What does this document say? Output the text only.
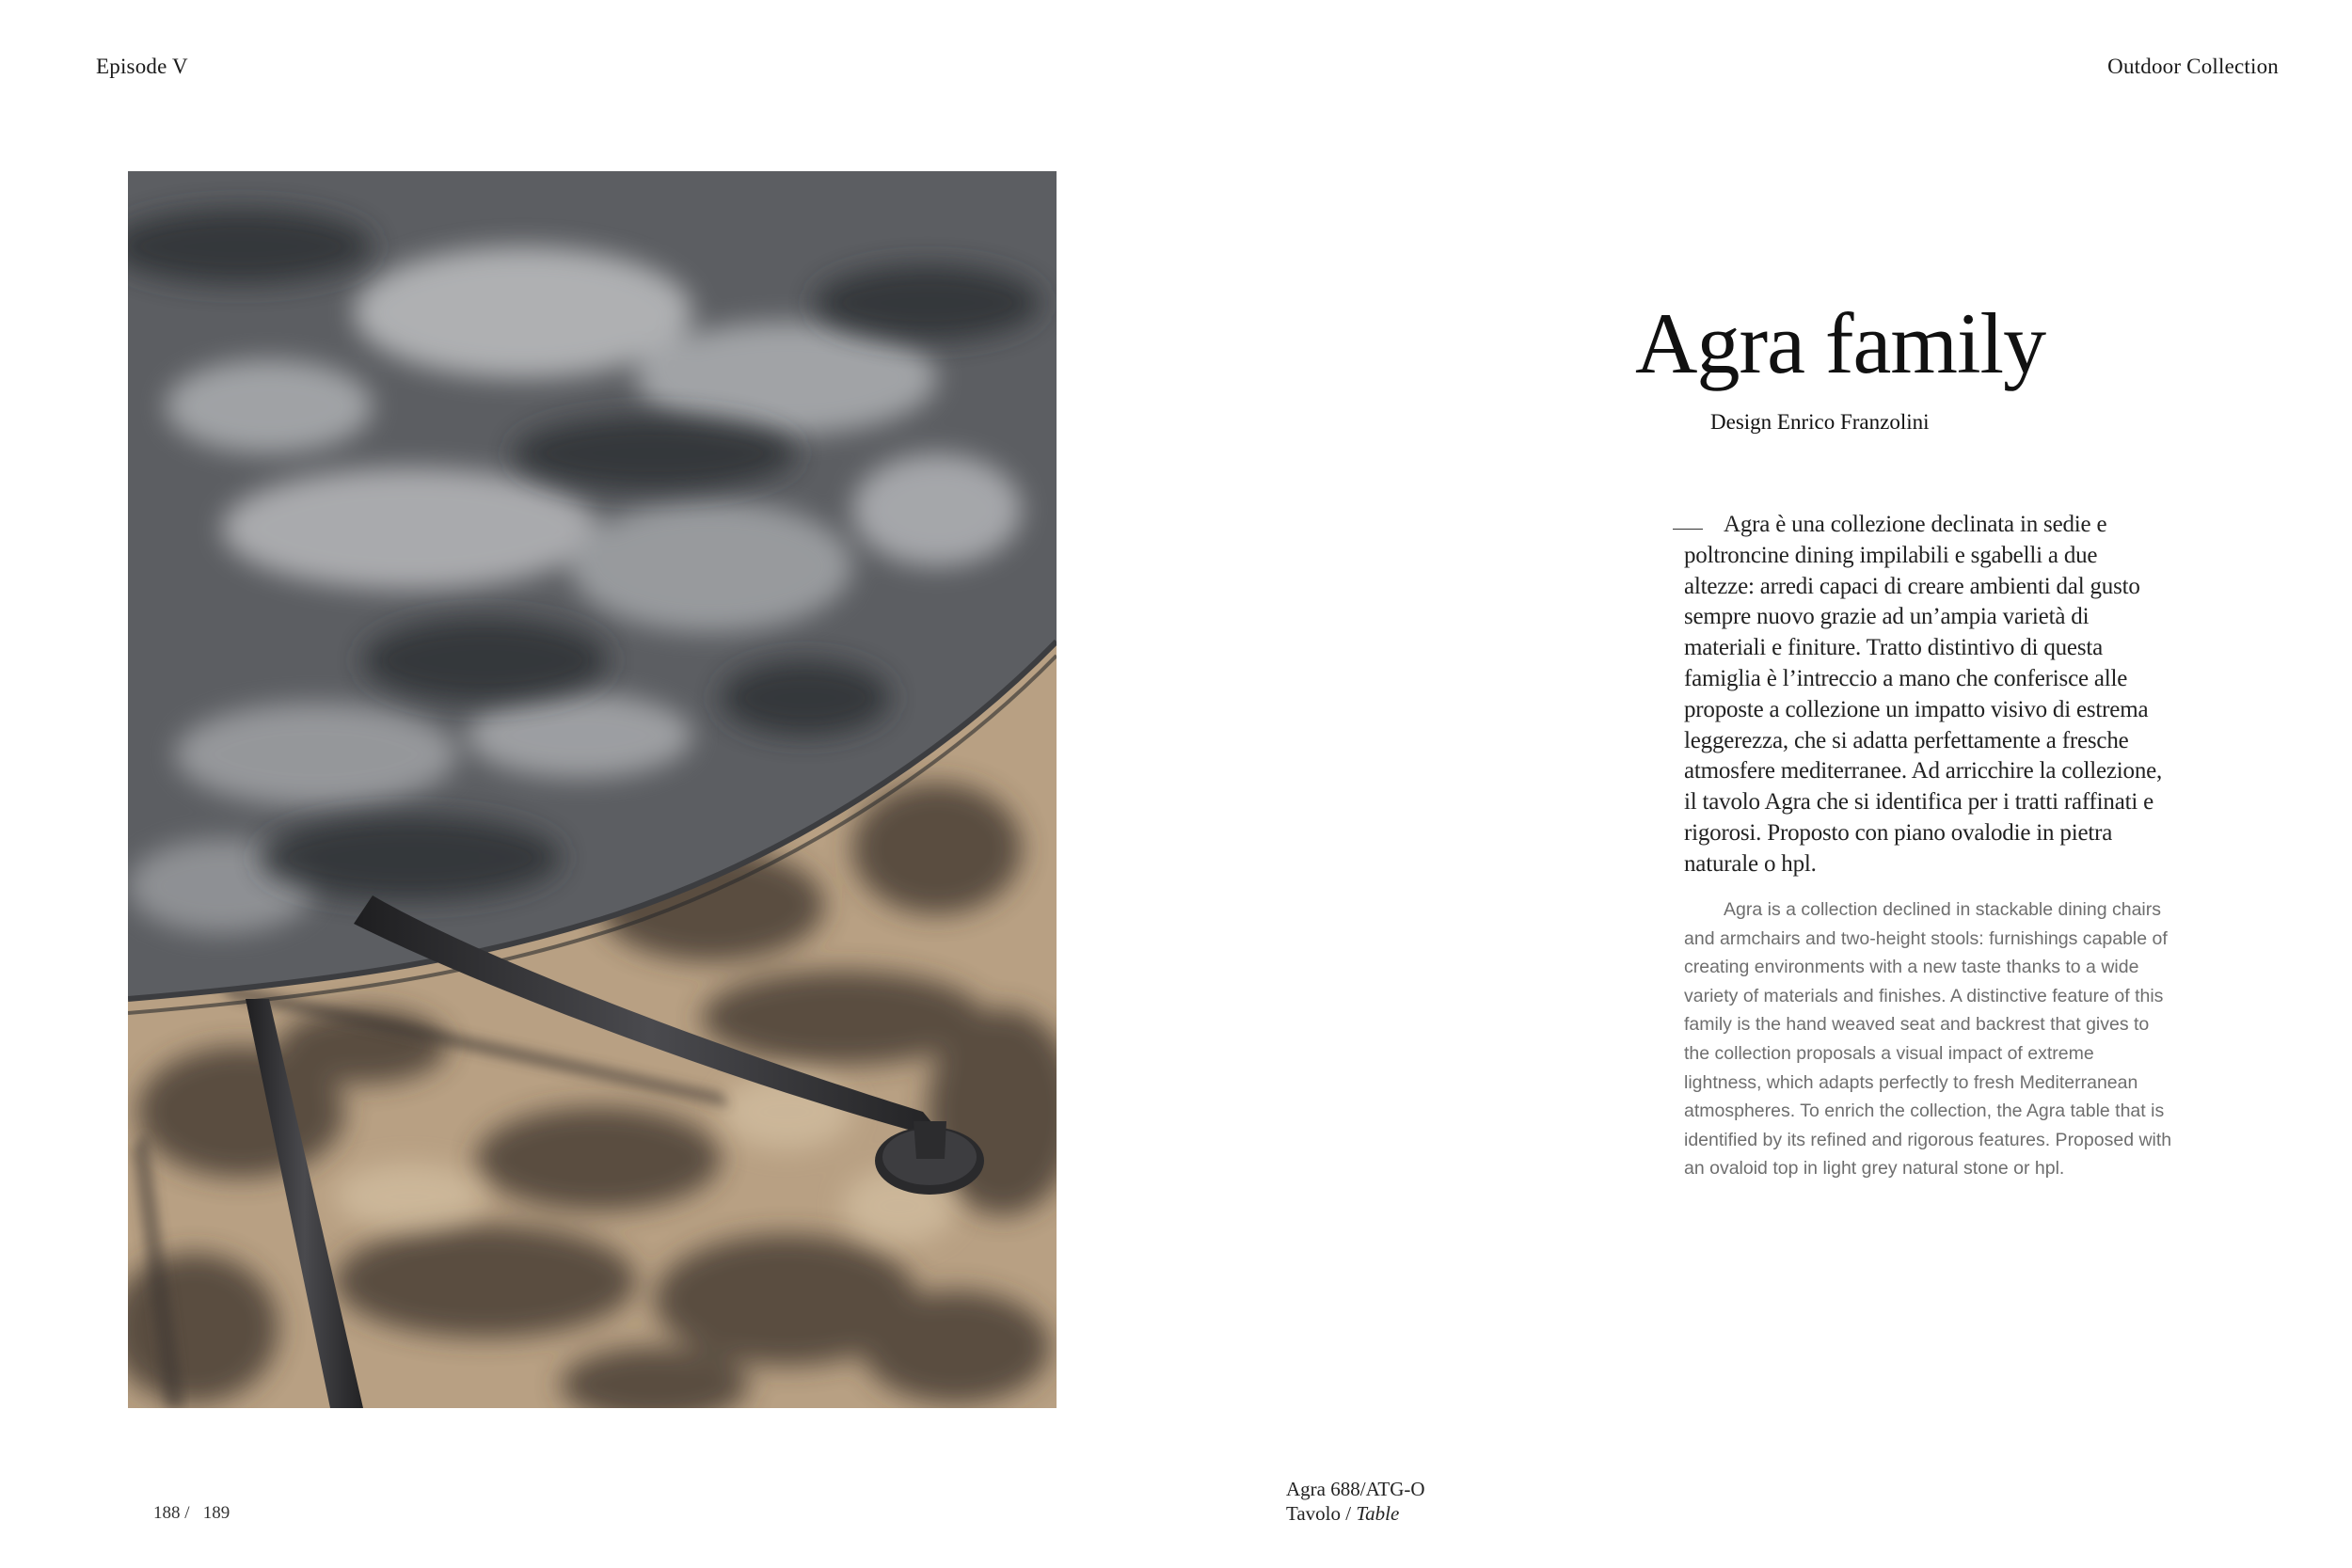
Episode V	Outdoor Collection
Agra family
Design Enrico Franzolini
Agra è una collezione declinata in sedie e poltroncine dining impilabili e sgabelli a due altezze: arredi capaci di creare ambienti dal gusto sempre nuovo grazie ad un’ampia varietà di materiali e finiture. Tratto distintivo di questa famiglia è l’intreccio a mano che conferisce alle proposte a collezione un impatto visivo di estrema leggerezza, che si adatta perfettamente a fresche atmosfere mediterranee. Ad arricchire la collezione, il tavolo Agra che si identifica per i tratti raffinati e rigorosi. Proposto con piano ovalodie in pietra naturale o hpl.
Agra is a collection declined in stackable dining chairs and armchairs and two-height stools: furnishings capable of creating environments with a new taste thanks to a wide variety of materials and finishes. A distinctive feature of this family is the hand weaved seat and backrest that gives to the collection proposals a visual impact of extreme lightness, which adapts perfectly to fresh Mediterranean atmospheres. To enrich the collection, the Agra table that is identified by its refined and rigorous features. Proposed with an ovaloid top in light grey natural stone or hpl.
188 / 189
Agra 688/ATG-O
Tavolo / Table
